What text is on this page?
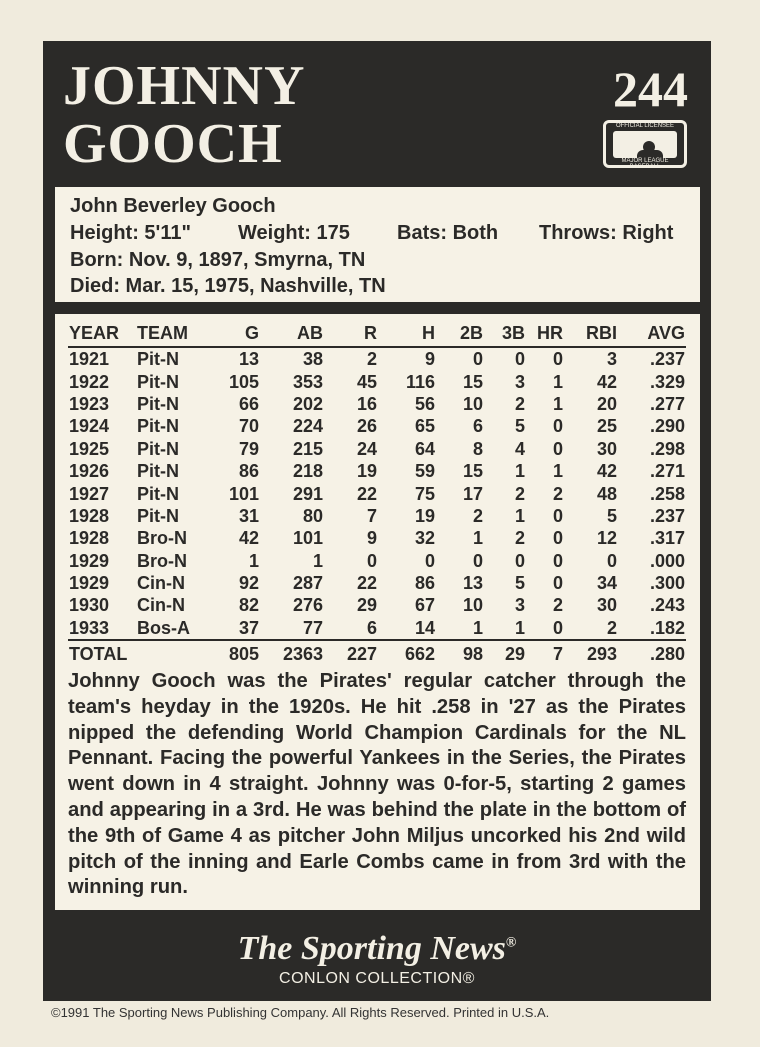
JOHNNY
GOOCH
244
OFFICIAL LICENSEE
MAJOR LEAGUE BASEBALL
John Beverley Gooch
Height: 5'11" Weight: 175 Bats: Both Throws: Right
Born: Nov. 9, 1897, Smyrna, TN
Died: Mar. 15, 1975, Nashville, TN
YEAR	TEAM	G	AB	R	H	2B	3B	HR	RBI	AVG
1921	Pit-N	13	38	2	9	0	0	0	3	.237
1922	Pit-N	105	353	45	116	15	3	1	42	.329
1923	Pit-N	66	202	16	56	10	2	1	20	.277
1924	Pit-N	70	224	26	65	6	5	0	25	.290
1925	Pit-N	79	215	24	64	8	4	0	30	.298
1926	Pit-N	86	218	19	59	15	1	1	42	.271
1927	Pit-N	101	291	22	75	17	2	2	48	.258
1928	Pit-N	31	80	7	19	2	1	0	5	.237
1928	Bro-N	42	101	9	32	1	2	0	12	.317
1929	Bro-N	1	1	0	0	0	0	0	0	.000
1929	Cin-N	92	287	22	86	13	5	0	34	.300
1930	Cin-N	82	276	29	67	10	3	2	30	.243
1933	Bos-A	37	77	6	14	1	1	0	2	.182
TOTAL		805	2363	227	662	98	29	7	293	.280
Johnny Gooch was the Pirates' regular catcher through the team's heyday in the 1920s. He hit .258 in '27 as the Pirates nipped the defending World Champion Cardinals for the NL Pennant. Facing the powerful Yankees in the Series, the Pirates went down in 4 straight. Johnny was 0-for-5, starting 2 games and appearing in a 3rd. He was behind the plate in the bottom of the 9th of Game 4 as pitcher John Miljus uncorked his 2nd wild pitch of the inning and Earle Combs came in from 3rd with the winning run.
The Sporting News®
CONLON COLLECTION®
©1991 The Sporting News Publishing Company. All Rights Reserved. Printed in U.S.A.
